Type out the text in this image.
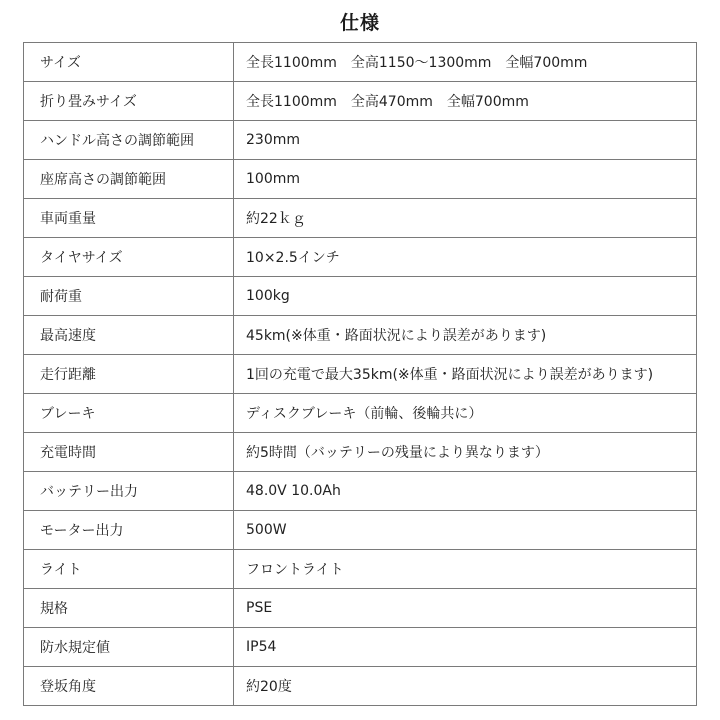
仕様
サイズ	全長1100mm　全高1150〜1300mm　全幅700mm
折り畳みサイズ	全長1100mm　全高470mm　全幅700mm
ハンドル高さの調節範囲	230mm
座席高さの調節範囲	100mm
車両重量	約22ｋｇ
タイヤサイズ	10×2.5インチ
耐荷重	100kg
最高速度	45km(※体重・路面状況により誤差があります)
走行距離	1回の充電で最大35km(※体重・路面状況により誤差があります)
ブレーキ	ディスクブレーキ（前輪、後輪共に）
充電時間	約5時間（バッテリーの残量により異なります）
バッテリー出力	48.0V 10.0Ah
モーター出力	500W
ライト	フロントライト
規格	PSE
防水規定値	IP54
登坂角度	約20度
